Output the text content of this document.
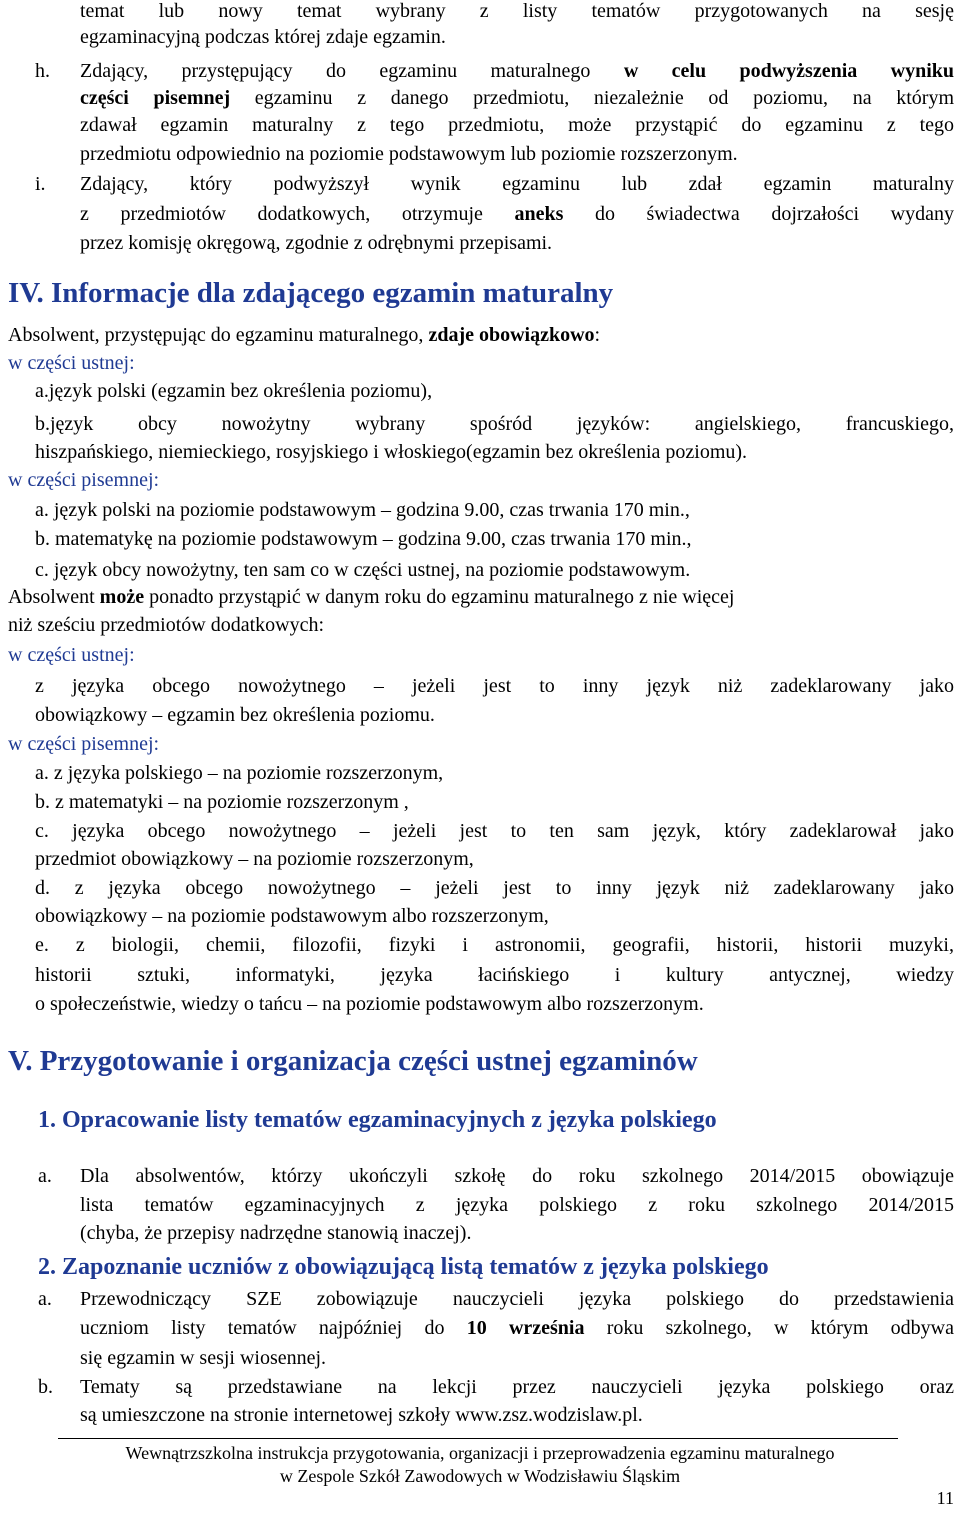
temat lub nowy temat wybrany z listy tematów przygotowanych na sesję
egzaminacyjną podczas której zdaje egzamin.
h. Zdający, przystępujący do egzaminu maturalnego w celu podwyższenia wyniku
części pisemnej egzaminu z danego przedmiotu, niezależnie od poziomu, na którym
zdawał egzamin maturalny z tego przedmiotu, może przystąpić do egzaminu z tego
przedmiotu odpowiednio na poziomie podstawowym lub poziomie rozszerzonym.
i. Zdający, który podwyższył wynik egzaminu lub zdał egzamin maturalny
z przedmiotów dodatkowych, otrzymuje aneks do świadectwa dojrzałości wydany
przez komisję okręgową, zgodnie z odrębnymi przepisami.
IV. Informacje dla zdającego egzamin maturalny
Absolwent, przystępując do egzaminu maturalnego, zdaje obowiązkowo:
w części ustnej:
a.język polski (egzamin bez określenia poziomu),
b.język obcy nowożytny wybrany spośród języków: angielskiego, francuskiego,
hiszpańskiego, niemieckiego, rosyjskiego i włoskiego(egzamin bez określenia poziomu).
w części pisemnej:
a. język polski na poziomie podstawowym – godzina 9.00, czas trwania 170 min.,
b. matematykę na poziomie podstawowym – godzina 9.00, czas trwania 170 min.,
c. język obcy nowożytny, ten sam co w części ustnej, na poziomie podstawowym.
Absolwent może ponadto przystąpić w danym roku do egzaminu maturalnego z nie więcej
niż sześciu przedmiotów dodatkowych:
w części ustnej:
z języka obcego nowożytnego – jeżeli jest to inny język niż zadeklarowany jako
obowiązkowy – egzamin bez określenia poziomu.
w części pisemnej:
a. z języka polskiego – na poziomie rozszerzonym,
b. z matematyki – na poziomie rozszerzonym ,
c. języka obcego nowożytnego – jeżeli jest to ten sam język, który zadeklarował jako
przedmiot obowiązkowy – na poziomie rozszerzonym,
d. z języka obcego nowożytnego – jeżeli jest to inny język niż zadeklarowany jako
obowiązkowy – na poziomie podstawowym albo rozszerzonym,
e. z biologii, chemii, filozofii, fizyki i astronomii, geografii, historii, historii muzyki,
historii sztuki, informatyki, języka łacińskiego i kultury antycznej, wiedzy
o społeczeństwie, wiedzy o tańcu – na poziomie podstawowym albo rozszerzonym.
V. Przygotowanie i organizacja części ustnej egzaminów
1. Opracowanie listy tematów egzaminacyjnych z języka polskiego
a. Dla absolwentów, którzy ukończyli szkołę do roku szkolnego 2014/2015 obowiązuje
lista tematów egzaminacyjnych z języka polskiego z roku szkolnego 2014/2015
(chyba, że przepisy nadrzędne stanowią inaczej).
2. Zapoznanie uczniów z obowiązującą listą tematów z języka polskiego
a. Przewodniczący SZE zobowiązuje nauczycieli języka polskiego do przedstawienia
uczniom listy tematów najpóźniej do 10 września roku szkolnego, w którym odbywa
się egzamin w sesji wiosennej.
b. Tematy są przedstawiane na lekcji przez nauczycieli języka polskiego oraz
są umieszczone na stronie internetowej szkoły www.zsz.wodzislaw.pl.
Wewnątrzszkolna instrukcja przygotowania, organizacji i przeprowadzenia egzaminu maturalnego
w Zespole Szkół Zawodowych w Wodzisławiu Śląskim
11
